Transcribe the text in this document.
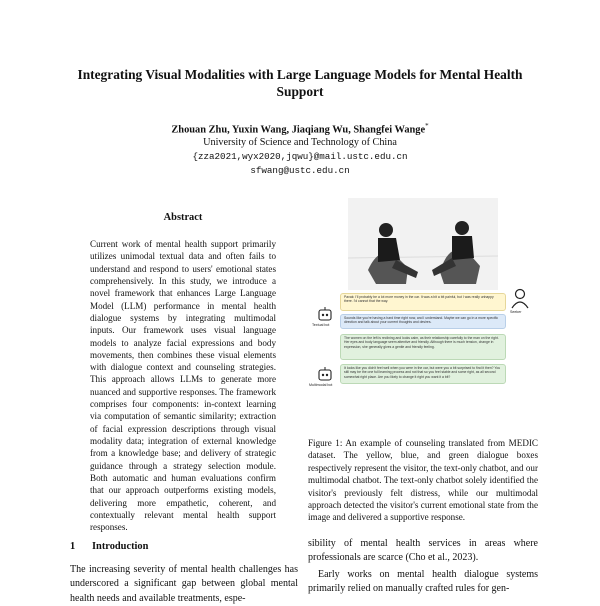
Integrating Visual Modalities with Large Language Models for Mental Health Support
Zhouan Zhu, Yuxin Wang, Jiaqiang Wu, Shangfei Wange*
University of Science and Technology of China
{zza2021,wyx2020,jqwu}@mail.ustc.edu.cn
sfwang@ustc.edu.cn
Abstract
Current work of mental health support primarily utilizes unimodal textual data and often fails to understand and respond to users' emotional states comprehensively. In this study, we introduce a novel framework that enhances Large Language Model (LLM) performance in mental health dialogue systems by integrating multimodal inputs. Our framework uses visual language models to analyze facial expressions and body movements, then combines these visual elements with dialogue context and counseling strategies. This approach allows LLMs to generate more nuanced and supportive responses. The framework comprises four components: in-context learning via computation of semantic similarity; extraction of facial expression descriptions through visual modality data; integration of external knowledge from a knowledge base; and delivery of strategic guidance through a strategy selection module. Both automatic and human evaluations confirm that our approach outperforms existing models, delivering more empathetic, coherent, and contextually relevant mental health support responses.
Seeker
Pavak: I'll probably be a lot more money in the car. It was a bit a bit painful, but I was really unhappy there. I'd cannot that the way.
Textual bot
Sounds like you're having a hard time right now, and I understand. Maybe we can go in a more specific direction and talk about your current thoughts and desires.
The women on the left is reclining and looks calm, as their relationship carefully to the man on the right. Her eyes and body language seem attentive and friendly. Although there is much tension, change in expression, she generally gives a gentle and friendly feeling.
Multimodal bot
It looks like you didn't feel well when you were in the car, but were you a bit surprised to find it then? You still may be the one full learning process and not that so you feel stable and some right, as all second somewhat right place. Are you likely to change it right you want it a bit?
Figure 1: An example of counseling translated from MEDIC dataset. The yellow, blue, and green dialogue boxes respectively represent the visitor, the text-only chatbot, and our multimodal chatbot. The text-only chatbot solely identified the visitor's previously felt distress, while our multimodal approach detected the visitor's current emotional state from the image and delivered a supportive response.
1 Introduction
The increasing severity of mental health challenges has underscored a significant gap between global mental health needs and available treatments, espe-
sibility of mental health services in areas where professionals are scarce (Cho et al., 2023).
Early works on mental health dialogue systems primarily relied on manually crafted rules for gen-
